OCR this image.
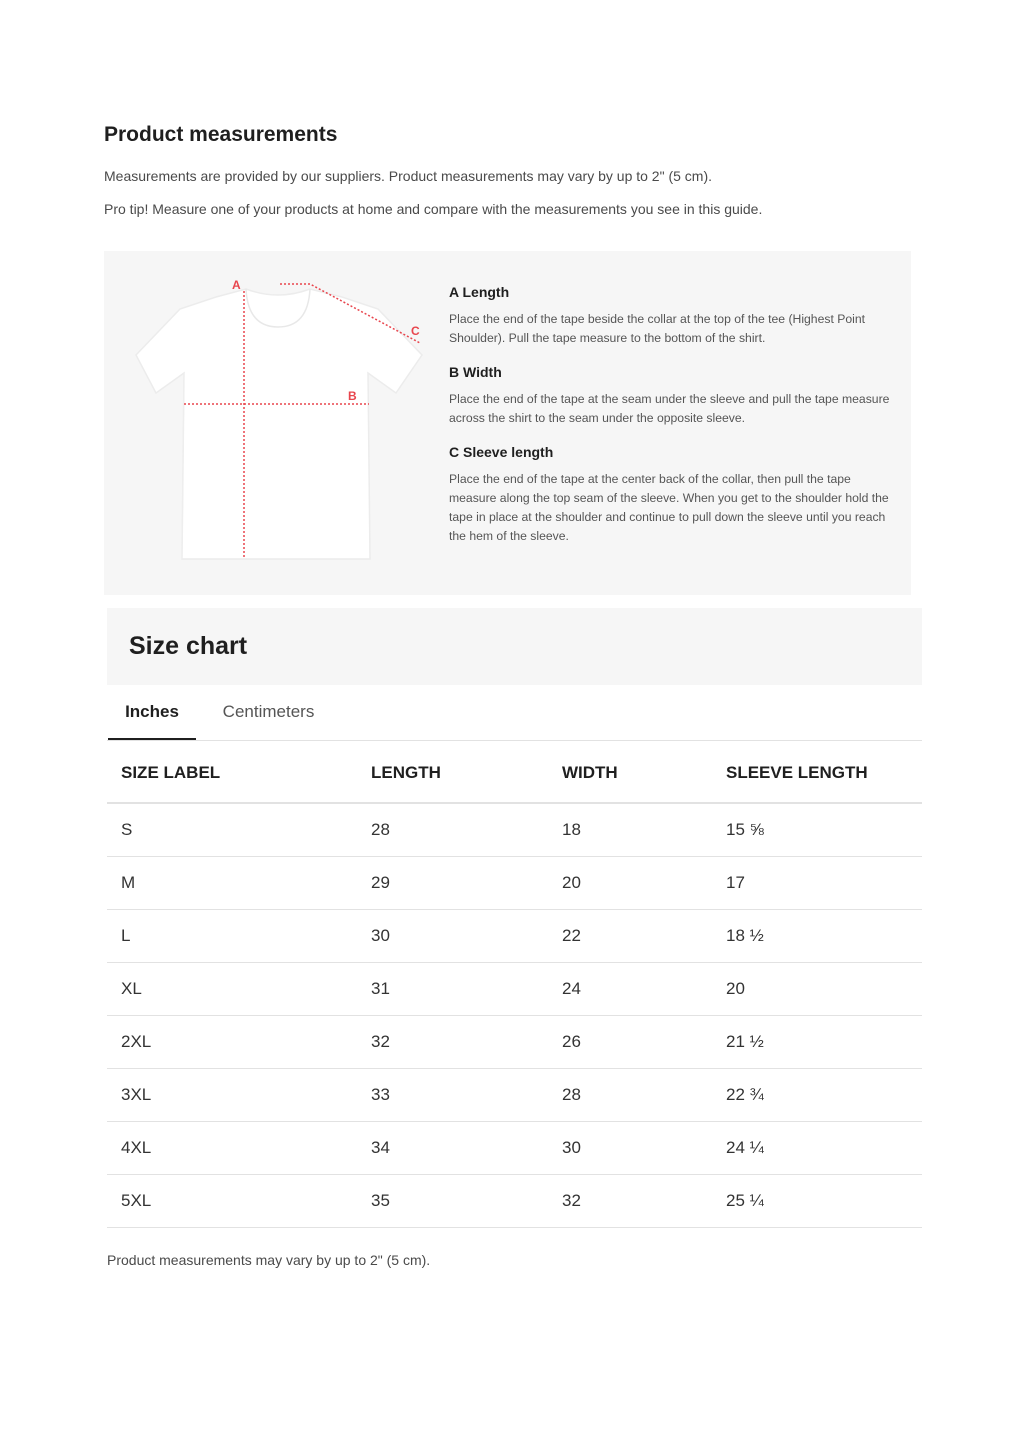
Product measurements

Measurements are provided by our suppliers. Product measurements may vary by up to 2" (5 cm).

Pro tip! Measure one of your products at home and compare with the measurements you see in this guide.

A
B
C
A Length

Place the end of the tape beside the collar at the top of the tee (Highest Point Shoulder). Pull the tape measure to the bottom of the shirt.

B Width

Place the end of the tape at the seam under the sleeve and pull the tape measure across the shirt to the seam under the opposite sleeve.

C Sleeve length

Place the end of the tape at the center back of the collar, then pull the tape measure along the top seam of the sleeve. When you get to the shoulder hold the tape in place at the shoulder and continue to pull down the sleeve until you reach the hem of the sleeve.

Size chart
Inches	Centimeters
SIZE LABEL	LENGTH	WIDTH	SLEEVE LENGTH
S	28	18	15 ⅝
M	29	20	17
L	30	22	18 ½
XL	31	24	20
2XL	32	26	21 ½
3XL	33	28	22 ¾
4XL	34	30	24 ¼
5XL	35	32	25 ¼

Product measurements may vary by up to 2" (5 cm).
